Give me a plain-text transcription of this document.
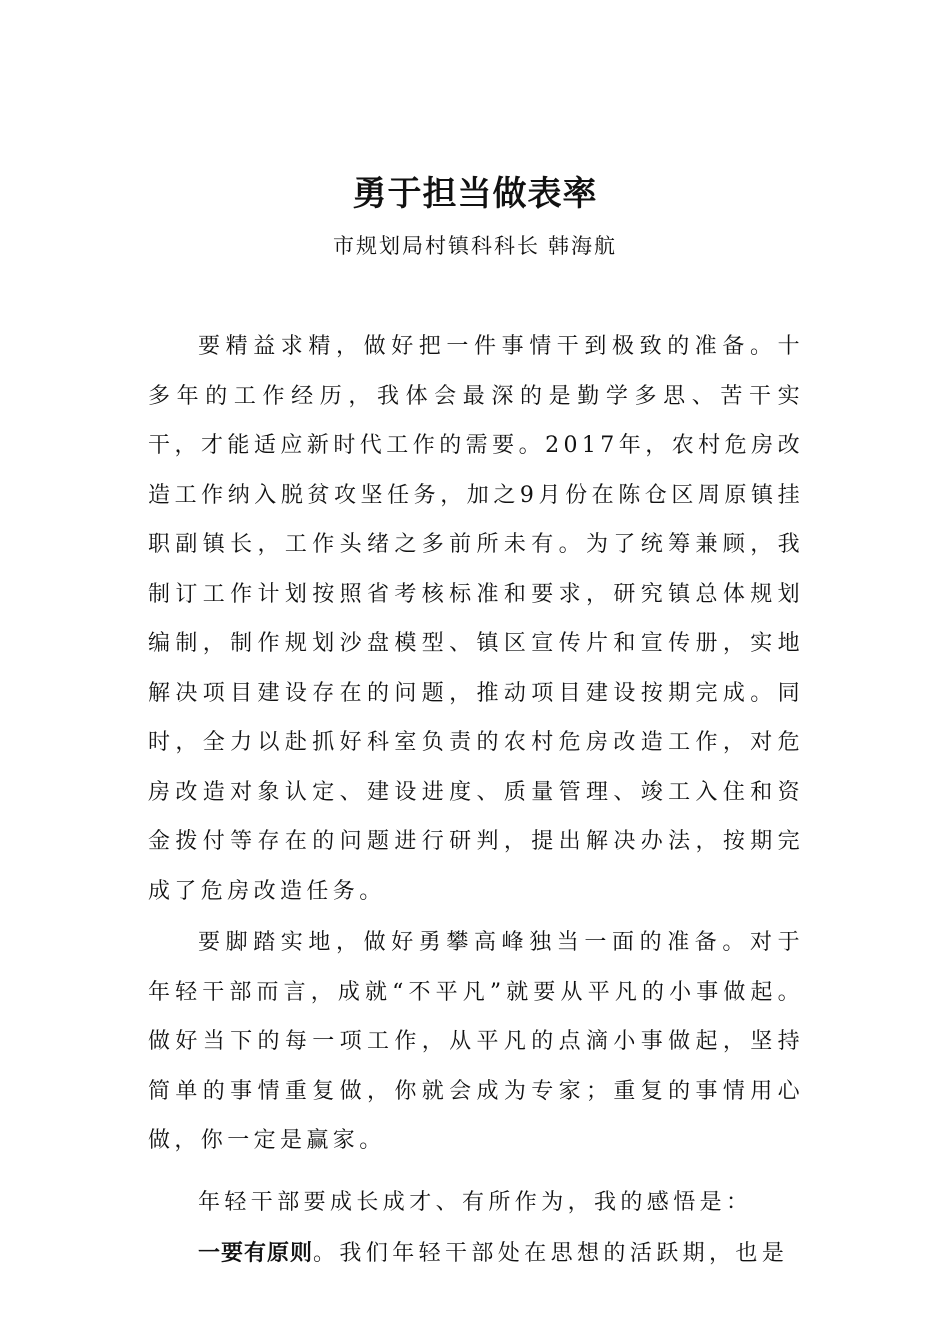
勇于担当做表率
市规划局村镇科科长 韩海航

要精益求精，做好把一件事情干到极致的准备。十多年的工作经历，我体会最深的是勤学多思、苦干实干，才能适应新时代工作的需要。2017年，农村危房改造工作纳入脱贫攻坚任务，加之9月份在陈仓区周原镇挂职副镇长，工作头绪之多前所未有。为了统筹兼顾，我制订工作计划按照省考核标准和要求，研究镇总体规划编制，制作规划沙盘模型、镇区宣传片和宣传册，实地解决项目建设存在的问题，推动项目建设按期完成。同时，全力以赴抓好科室负责的农村危房改造工作，对危房改造对象认定、建设进度、质量管理、竣工入住和资金拨付等存在的问题进行研判，提出解决办法，按期完成了危房改造任务。

要脚踏实地，做好勇攀高峰独当一面的准备。对于年轻干部而言，成就“不平凡”就要从平凡的小事做起。做好当下的每一项工作，从平凡的点滴小事做起，坚持简单的事情重复做，你就会成为专家；重复的事情用心做，你一定是赢家。

年轻干部要成长成才、有所作为，我的感悟是：

一要有原则。我们年轻干部处在思想的活跃期，也是
